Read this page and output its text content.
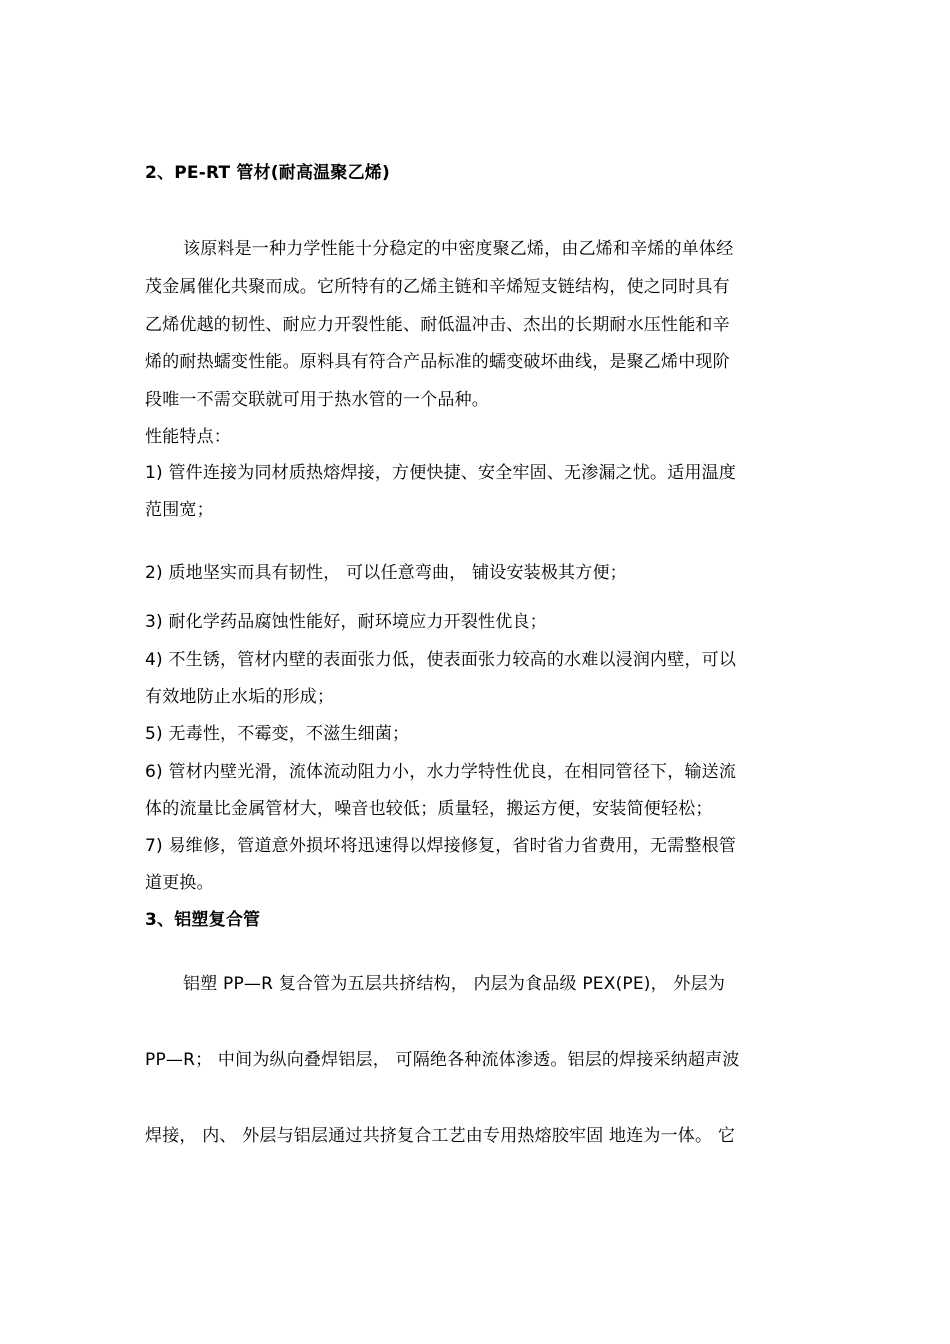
2、PE-RT 管材(耐高温聚乙烯)
该原料是一种力学性能十分稳定的中密度聚乙烯，由乙烯和辛烯的单体经
茂金属催化共聚而成。它所特有的乙烯主链和辛烯短支链结构，使之同时具有
乙烯优越的韧性、耐应力开裂性能、耐低温冲击、杰出的长期耐水压性能和辛
烯的耐热蠕变性能。原料具有符合产品标准的蠕变破坏曲线，是聚乙烯中现阶
段唯一不需交联就可用于热水管的一个品种。
性能特点：
1) 管件连接为同材质热熔焊接，方便快捷、安全牢固、无渗漏之忧。适用温度
范围宽；
2) 质地坚实而具有韧性， 可以任意弯曲， 铺设安装极其方便；
3) 耐化学药品腐蚀性能好，耐环境应力开裂性优良；
4) 不生锈，管材内壁的表面张力低，使表面张力较高的水难以浸润内壁，可以
有效地防止水垢的形成；
5) 无毒性，不霉变，不滋生细菌；
6) 管材内壁光滑，流体流动阻力小，水力学特性优良，在相同管径下，输送流
体的流量比金属管材大，噪音也较低；质量轻，搬运方便，安装简便轻松；
7) 易维修，管道意外损坏将迅速得以焊接修复，省时省力省费用，无需整根管
道更换。
3、铝塑复合管
铝塑 PP—R 复合管为五层共挤结构， 内层为食品级 PEX(PE)， 外层为
PP—R； 中间为纵向叠焊铝层， 可隔绝各种流体渗透。铝层的焊接采纳超声波
焊接， 内、 外层与铝层通过共挤复合工艺由专用热熔胶牢固 地连为一体。 它
